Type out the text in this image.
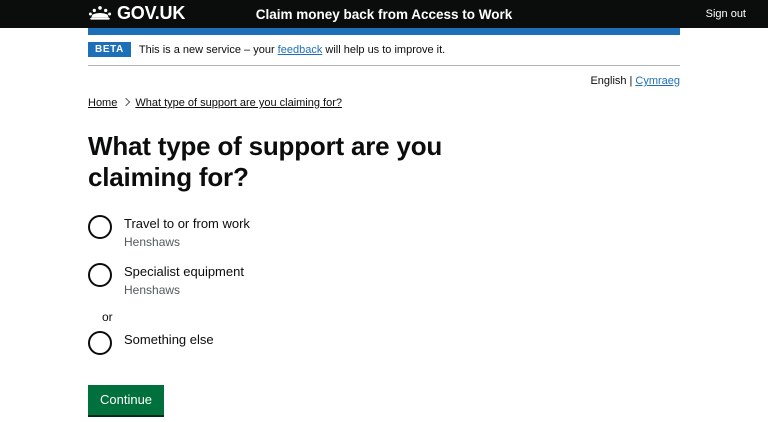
GOV.UK	Claim money back from Access to Work	Sign out
BETA	This is a new service – your feedback will help us to improve it.
English | Cymraeg
Home What type of support are you claiming for?
What type of support are you claiming for?
Travel to or from work
Henshaws
Specialist equipment
Henshaws
or
Something else
Continue
